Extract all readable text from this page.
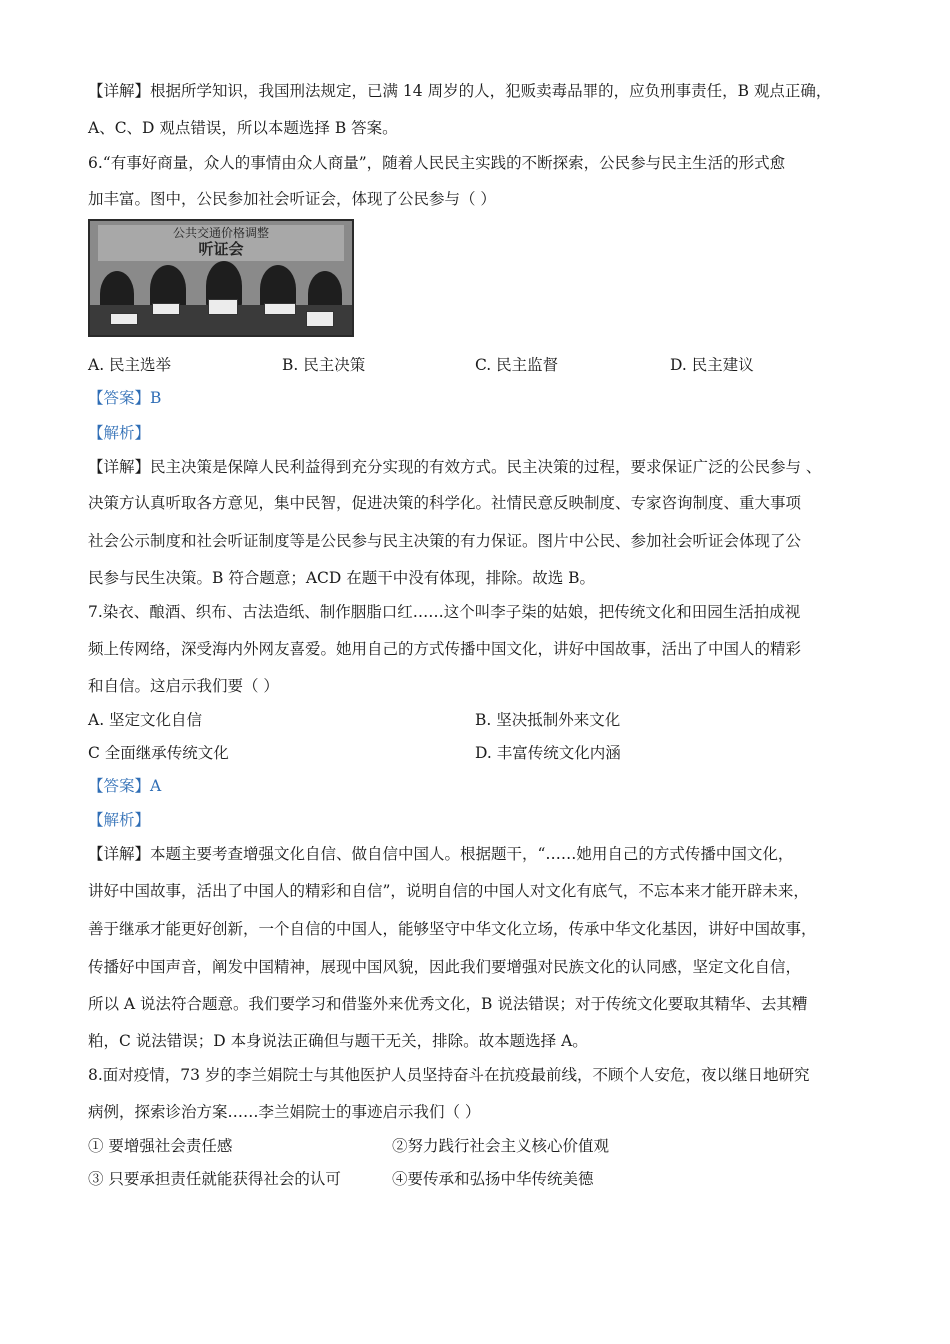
【详解】根据所学知识，我国刑法规定，已满 14 周岁的人，犯贩卖毒品罪的，应负刑事责任，B 观点正确，
A、C、D 观点错误，所以本题选择 B 答案。
6.“有事好商量，众人的事情由众人商量”，随着人民民主实践的不断探索，公民参与民主生活的形式愈
加丰富。图中，公民参加社会听证会，体现了公民参与（ ）
公共交通价格调整
听证会
A. 民主选举	B. 民主决策	C. 民主监督	D. 民主建议
【答案】B
【解析】
【详解】民主决策是保障人民利益得到充分实现的有效方式。民主决策的过程，要求保证广泛的公民参与 、
决策方认真听取各方意见，集中民智，促进决策的科学化。社情民意反映制度、专家咨询制度、重大事项
社会公示制度和社会听证制度等是公民参与民主决策的有力保证。图片中公民、参加社会听证会体现了公
民参与民生决策。B 符合题意；ACD 在题干中没有体现，排除。故选 B。
7.染衣、酿酒、织布、古法造纸、制作胭脂口红……这个叫李子柒的姑娘，把传统文化和田园生活拍成视
频上传网络，深受海内外网友喜爱。她用自己的方式传播中国文化，讲好中国故事，活出了中国人的精彩
和自信。这启示我们要（ ）
A. 坚定文化自信	B. 坚决抵制外来文化
C 全面继承传统文化	D. 丰富传统文化内涵
【答案】A
【解析】
【详解】本题主要考查增强文化自信、做自信中国人。根据题干，“……她用自己的方式传播中国文化，
讲好中国故事，活出了中国人的精彩和自信”，说明自信的中国人对文化有底气，不忘本来才能开辟未来，
善于继承才能更好创新，一个自信的中国人，能够坚守中华文化立场，传承中华文化基因，讲好中国故事，
传播好中国声音，阐发中国精神，展现中国风貌，因此我们要增强对民族文化的认同感，坚定文化自信，
所以 A 说法符合题意。我们要学习和借鉴外来优秀文化，B 说法错误；对于传统文化要取其精华、去其糟
粕，C 说法错误；D 本身说法正确但与题干无关，排除。故本题选择 A。
8.面对疫情，73 岁的李兰娟院士与其他医护人员坚持奋斗在抗疫最前线，不顾个人安危，夜以继日地研究
病例，探索诊治方案……李兰娟院士的事迹启示我们（ ）
① 要增强社会责任感	②努力践行社会主义核心价值观
③ 只要承担责任就能获得社会的认可	④要传承和弘扬中华传统美德
